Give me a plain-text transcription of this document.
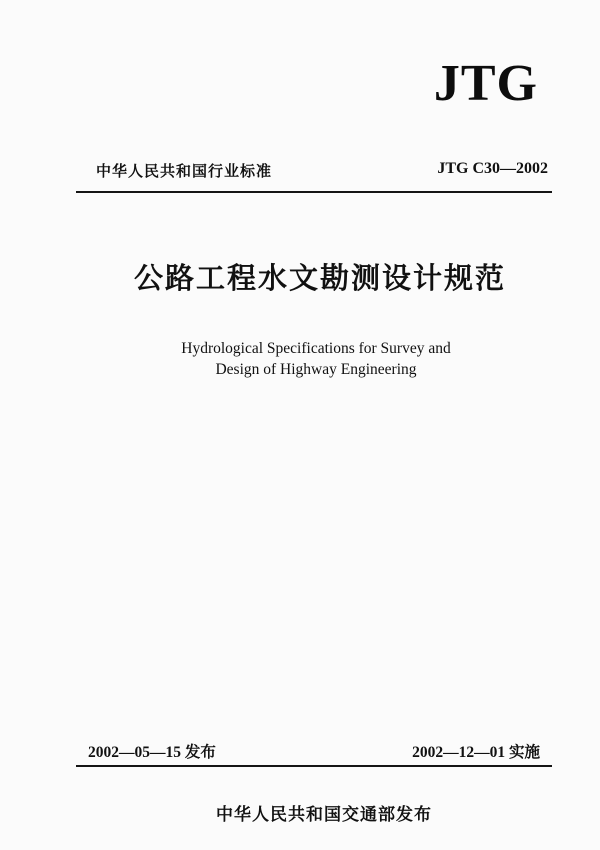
JTG
中华人民共和国行业标准	JTG C30—2002
公路工程水文勘测设计规范
Hydrological Specifications for Survey and
Design of Highway Engineering
2002—05—15 发布	2002—12—01 实施
中华人民共和国交通部发布
